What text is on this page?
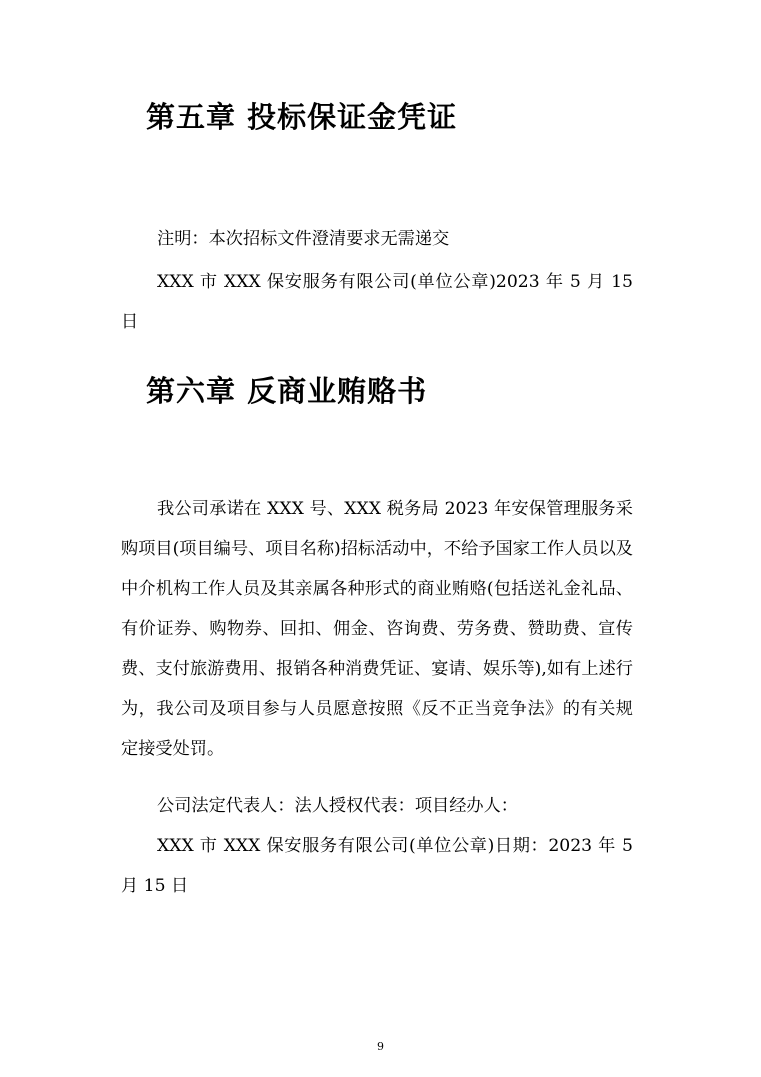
第五章 投标保证金凭证

注明：本次招标文件澄清要求无需递交

XXX 市 XXX 保安服务有限公司(单位公章)2023 年 5 月 15 日

第六章 反商业贿赂书

我公司承诺在 XXX 号、XXX 税务局 2023 年安保管理服务采购项目(项目编号、项目名称)招标活动中，不给予国家工作人员以及中介机构工作人员及其亲属各种形式的商业贿赂(包括送礼金礼品、有价证券、购物券、回扣、佣金、咨询费、劳务费、赞助费、宣传费、支付旅游费用、报销各种消费凭证、宴请、娱乐等),如有上述行为，我公司及项目参与人员愿意按照《反不正当竞争法》的有关规定接受处罚。

公司法定代表人：法人授权代表：项目经办人：

XXX 市 XXX 保安服务有限公司(单位公章)日期：2023 年 5 月 15 日

9
